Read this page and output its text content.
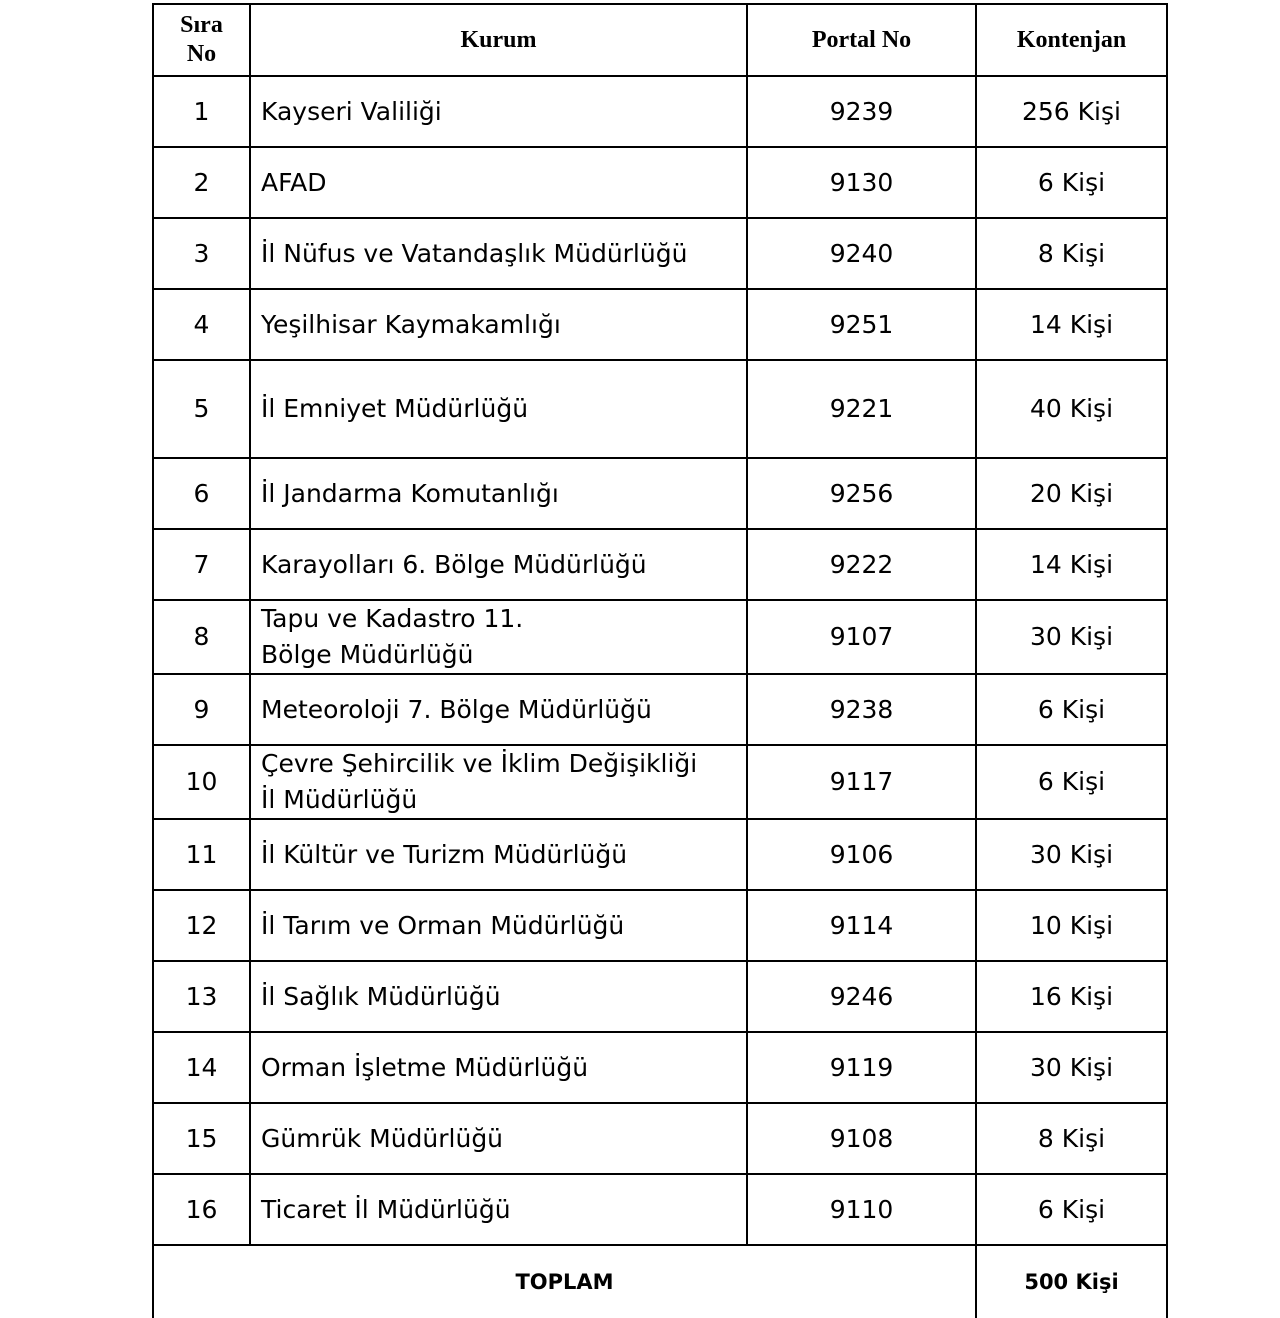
Sıra No	Kurum	Portal No	Kontenjan
1	Kayseri Valiliği	9239	256 Kişi
2	AFAD	9130	6 Kişi
3	İl Nüfus ve Vatandaşlık Müdürlüğü	9240	8 Kişi
4	Yeşilhisar Kaymakamlığı	9251	14 Kişi
5	İl Emniyet Müdürlüğü	9221	40 Kişi
6	İl Jandarma Komutanlığı	9256	20 Kişi
7	Karayolları 6. Bölge Müdürlüğü	9222	14 Kişi
8	Tapu ve Kadastro 11. Bölge Müdürlüğü	9107	30 Kişi
9	Meteoroloji 7. Bölge Müdürlüğü	9238	6 Kişi
10	Çevre Şehircilik ve İklim Değişikliği İl Müdürlüğü	9117	6 Kişi
11	İl Kültür ve Turizm Müdürlüğü	9106	30 Kişi
12	İl Tarım ve Orman Müdürlüğü	9114	10 Kişi
13	İl Sağlık Müdürlüğü	9246	16 Kişi
14	Orman İşletme Müdürlüğü	9119	30 Kişi
15	Gümrük Müdürlüğü	9108	8 Kişi
16	Ticaret İl Müdürlüğü	9110	6 Kişi
TOPLAM			500 Kişi
